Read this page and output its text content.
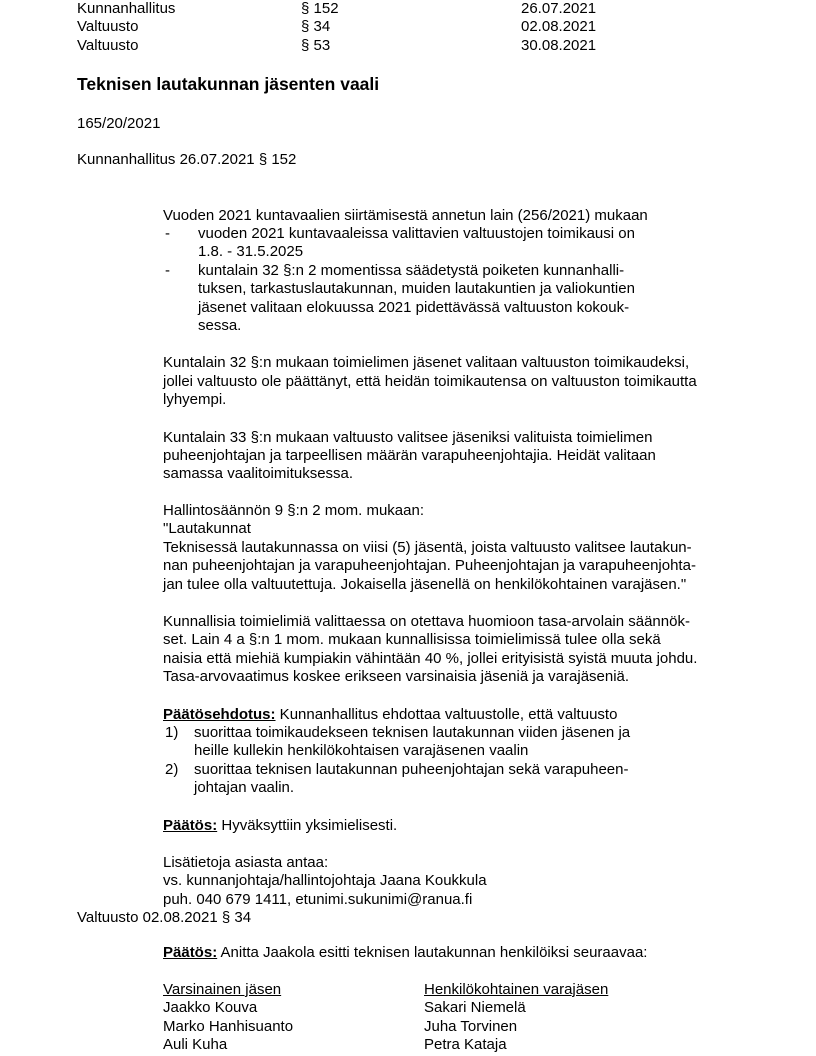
Kunnanhallitus	§ 152	26.07.2021
Valtuusto	§ 34	02.08.2021
Valtuusto	§ 53	30.08.2021
Teknisen lautakunnan jäsenten vaali
165/20/2021
Kunnanhallitus 26.07.2021 § 152
Vuoden 2021 kuntavaalien siirtämisestä annetun lain (256/2021) mukaan
- vuoden 2021 kuntavaaleissa valittavien valtuustojen toimikausi on
1.8. - 31.5.2025
- kuntalain 32 §:n 2 momentissa säädetystä poiketen kunnanhalli-
tuksen, tarkastuslautakunnan, muiden lautakuntien ja valiokuntien
jäsenet valitaan elokuussa 2021 pidettävässä valtuuston kokouk-
sessa.
Kuntalain 32 §:n mukaan toimielimen jäsenet valitaan valtuuston toimikaudeksi,
jollei valtuusto ole päättänyt, että heidän toimikautensa on valtuuston toimikautta
lyhyempi.
Kuntalain 33 §:n mukaan valtuusto valitsee jäseniksi valituista toimielimen
puheenjohtajan ja tarpeellisen määrän varapuheenjohtajia. Heidät valitaan
samassa vaalitoimituksessa.
Hallintosäännön 9 §:n 2 mom. mukaan:
"Lautakunnat
Teknisessä lautakunnassa on viisi (5) jäsentä, joista valtuusto valitsee lautakun-
nan puheenjohtajan ja varapuheenjohtajan. Puheenjohtajan ja varapuheenjohta-
jan tulee olla valtuutettuja. Jokaisella jäsenellä on henkilökohtainen varajäsen."
Kunnallisia toimielimiä valittaessa on otettava huomioon tasa-arvolain säännök-
set. Lain 4 a §:n 1 mom. mukaan kunnallisissa toimielimissä tulee olla sekä
naisia että miehiä kumpiakin vähintään 40 %, jollei erityisistä syistä muuta johdu.
Tasa-arvovaatimus koskee erikseen varsinaisia jäseniä ja varajäseniä.
Päätösehdotus: Kunnanhallitus ehdottaa valtuustolle, että valtuusto
1) suorittaa toimikaudekseen teknisen lautakunnan viiden jäsenen ja
heille kullekin henkilökohtaisen varajäsenen vaalin
2) suorittaa teknisen lautakunnan puheenjohtajan sekä varapuheen-
johtajan vaalin.
Päätös: Hyväksyttiin yksimielisesti.
Lisätietoja asiasta antaa:
vs. kunnanjohtaja/hallintojohtaja Jaana Koukkula
puh. 040 679 1411, etunimi.sukunimi@ranua.fi
Valtuusto 02.08.2021 § 34
Päätös: Anitta Jaakola esitti teknisen lautakunnan henkilöiksi seuraavaa:
Varsinainen jäsen	Henkilökohtainen varajäsen
Jaakko Kouva	Sakari Niemelä
Marko Hanhisuanto	Juha Torvinen
Auli Kuha	Petra Kataja
